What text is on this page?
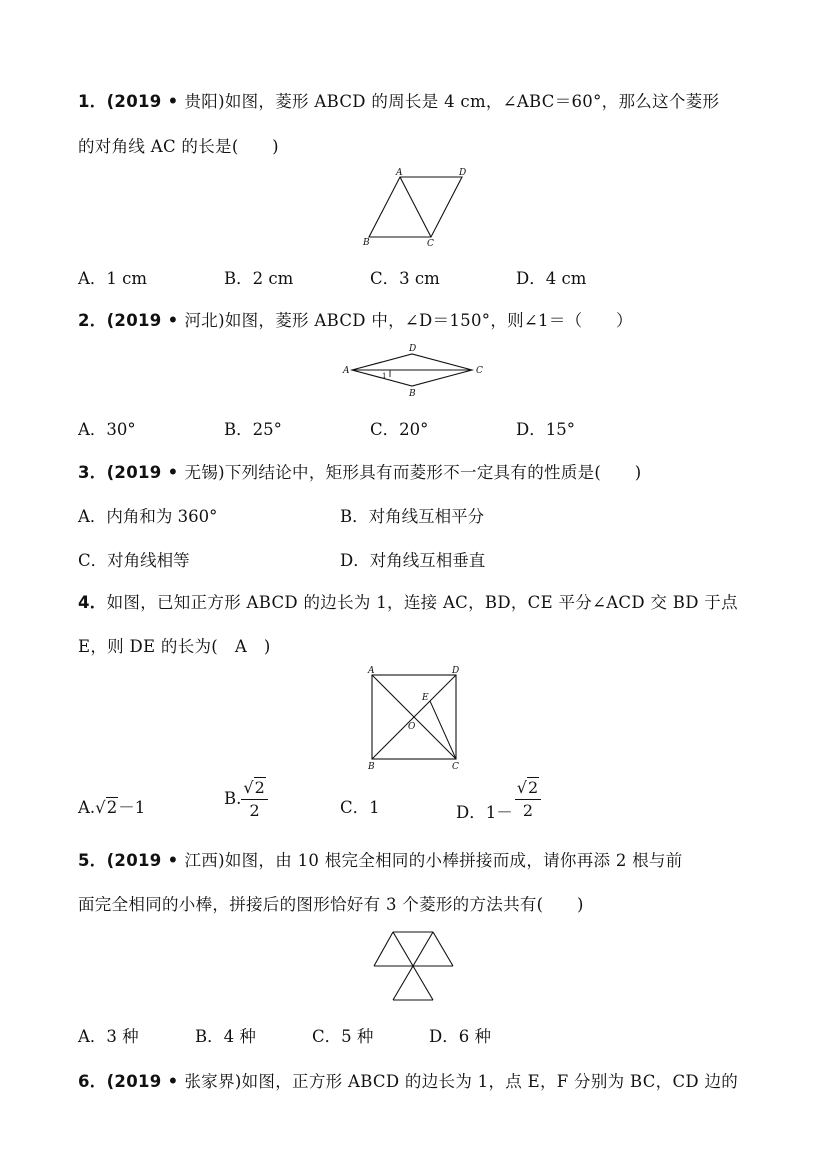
1．(2019 • 贵阳)如图，菱形 ABCD 的周长是 4 cm，∠ABC＝60°，那么这个菱形
的对角线 AC 的长是(　　)
A
B	C
D
A．1 cm	B．2 cm	C．3 cm	D．4 cm
2．(2019 • 河北)如图，菱形 ABCD 中，∠D＝150°，则∠1＝（　　）
A
B
C
D
1
A．30°	B．25°	C．20°	D．15°
3．(2019 • 无锡)下列结论中，矩形具有而菱形不一定具有的性质是(　　)
A．内角和为 360°	B．对角线互相平分
C．对角线相等	D．对角线互相垂直
4．如图，已知正方形 ABCD 的边长为 1，连接 AC，BD，CE 平分∠ACD 交 BD 于点
E，则 DE 的长为(　A　)
A
B	C
D
E
O
A.√2－1	B. $\frac{√2}{2}$	C．1	D．$1- \frac{√2}{2}$
5．(2019 • 江西)如图，由 10 根完全相同的小棒拼接而成，请你再添 2 根与前
面完全相同的小棒，拼接后的图形恰好有 3 个菱形的方法共有(　　)
A．3 种	B．4 种	C．5 种	D．6 种
6．(2019 • 张家界)如图，正方形 ABCD 的边长为 1，点 E，F 分别为 BC，CD 边的
